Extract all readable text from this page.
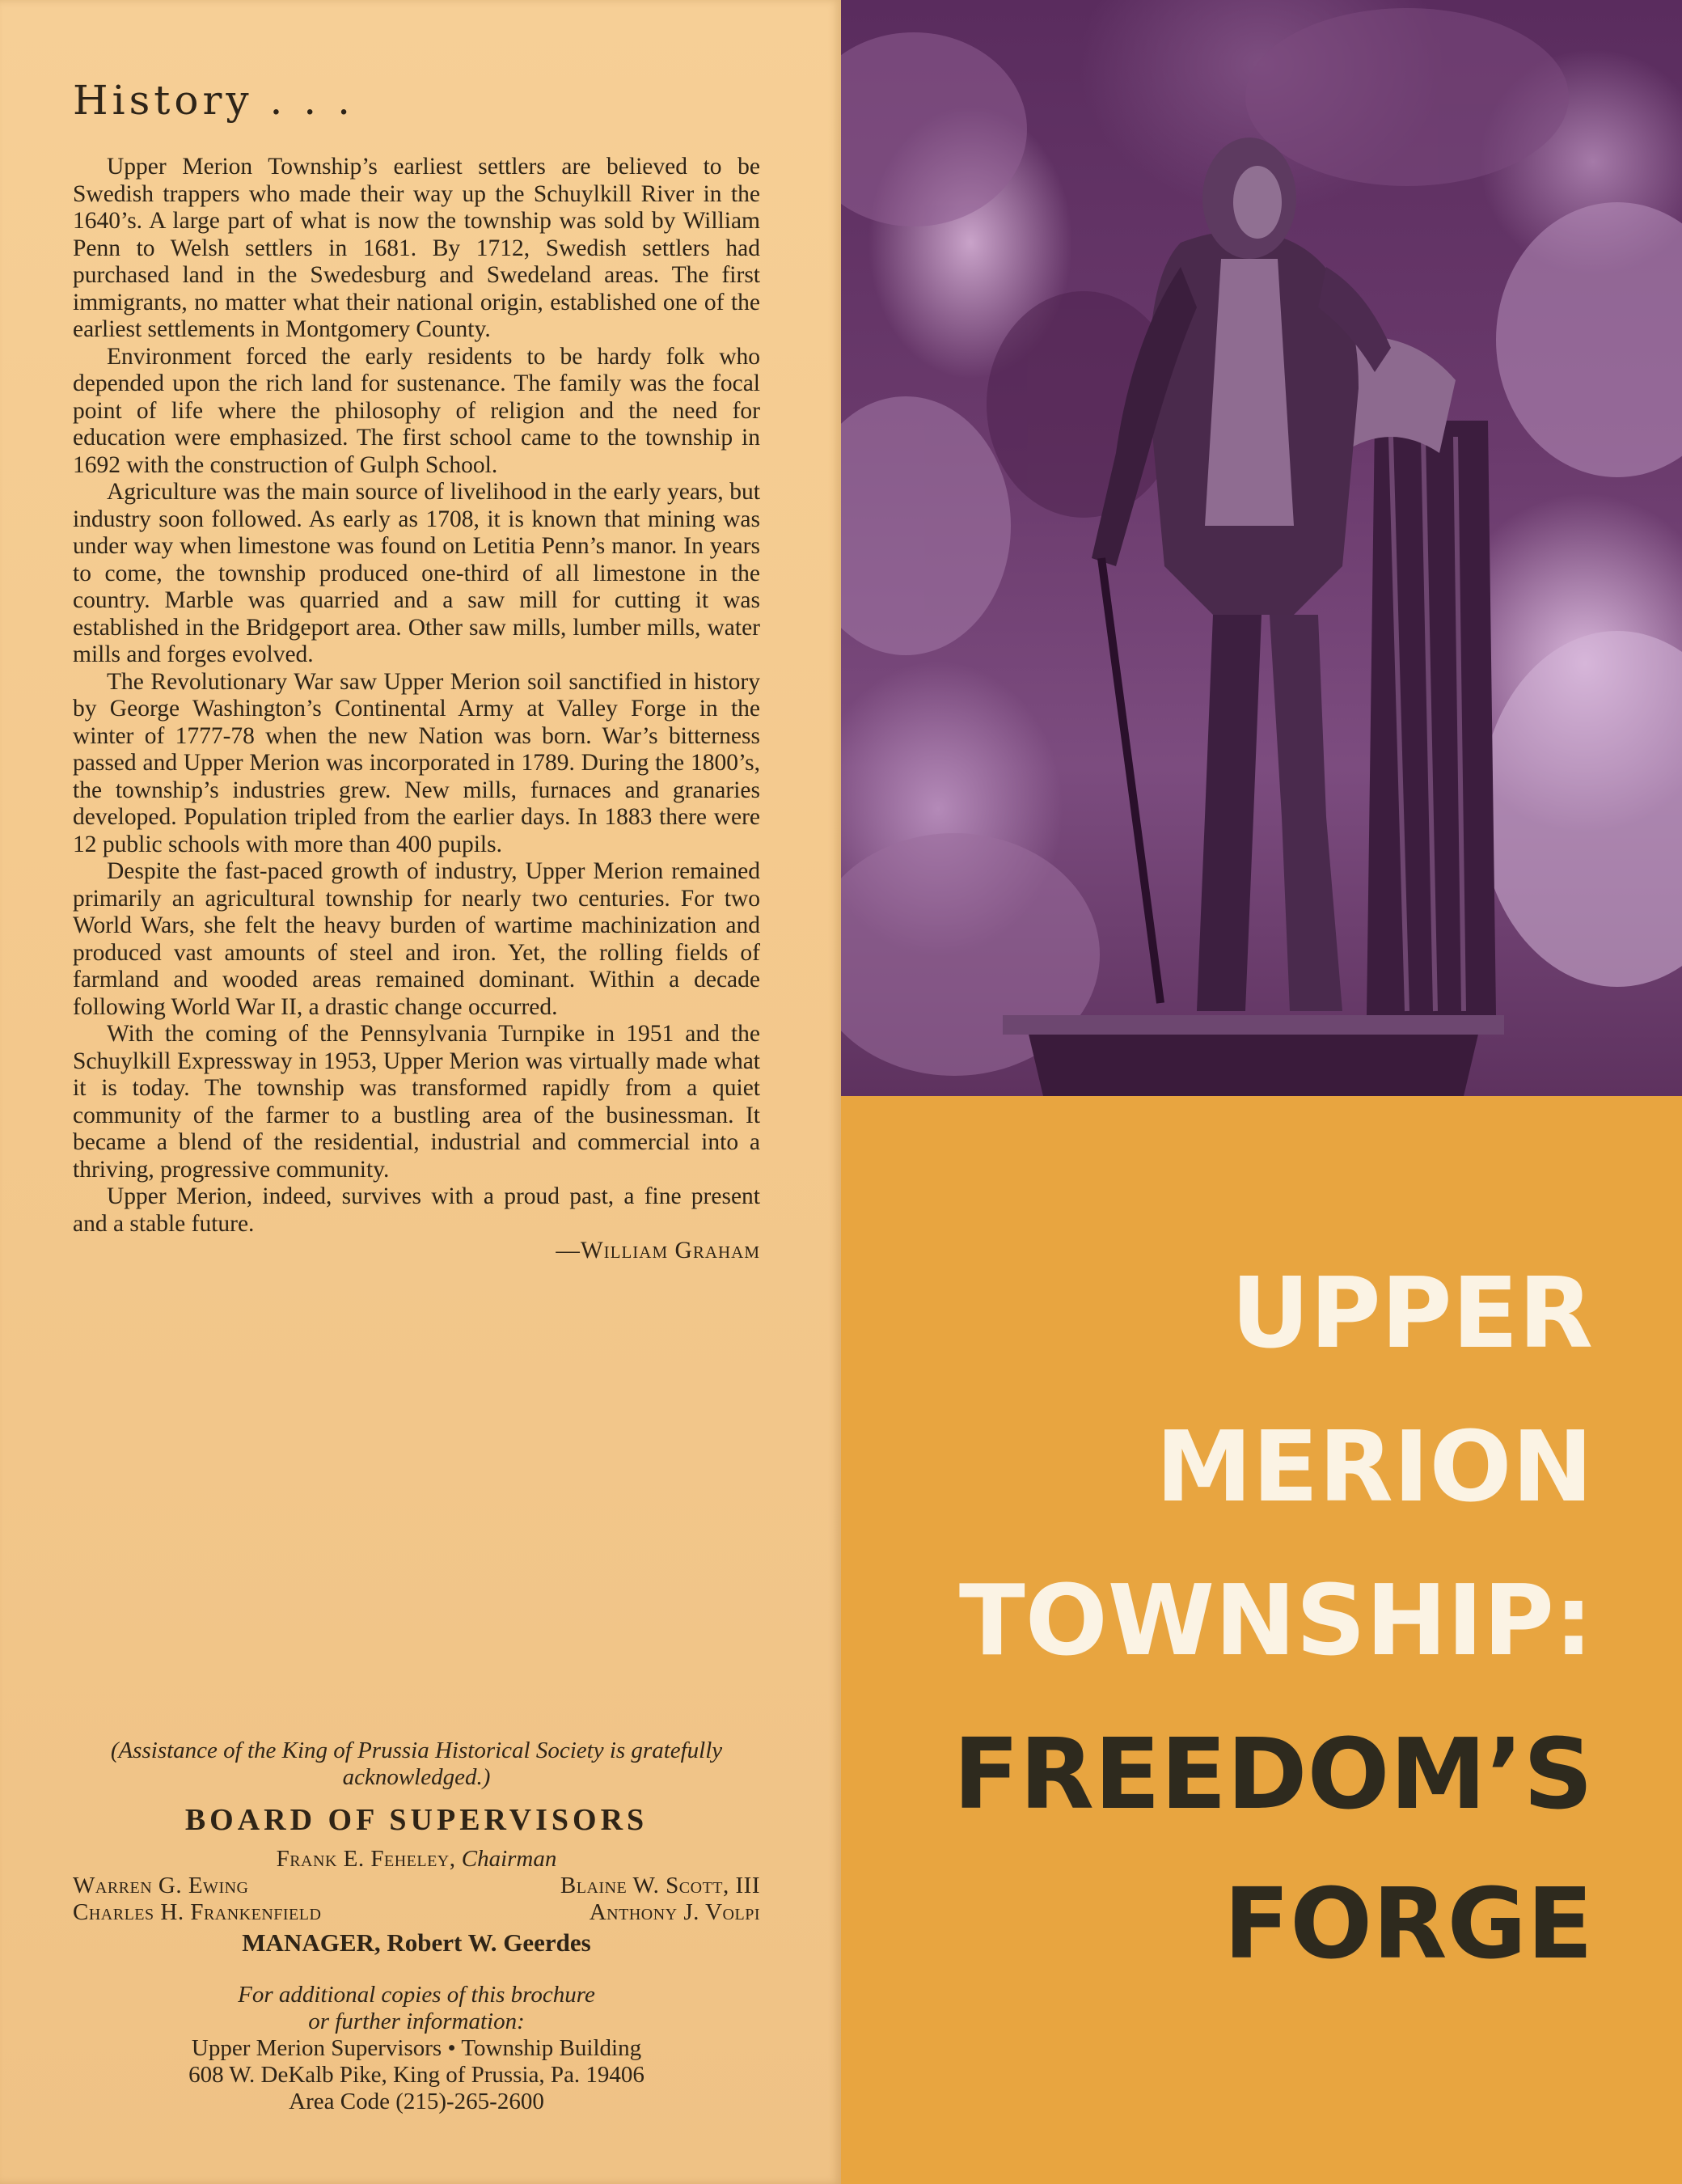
History . . .

Upper Merion Township’s earliest settlers are believed to be Swedish trappers who made their way up the Schuylkill River in the 1640’s. A large part of what is now the township was sold by William Penn to Welsh settlers in 1681. By 1712, Swedish settlers had purchased land in the Swedesburg and Swedeland areas. The first immigrants, no matter what their national origin, established one of the earliest settlements in Montgomery County.

Environment forced the early residents to be hardy folk who depended upon the rich land for sustenance. The family was the focal point of life where the philosophy of religion and the need for education were emphasized. The first school came to the township in 1692 with the construction of Gulph School.

Agriculture was the main source of livelihood in the early years, but industry soon followed. As early as 1708, it is known that mining was under way when limestone was found on Letitia Penn’s manor. In years to come, the township produced one-third of all limestone in the country. Marble was quarried and a saw mill for cutting it was established in the Bridgeport area. Other saw mills, lumber mills, water mills and forges evolved.

The Revolutionary War saw Upper Merion soil sanctified in history by George Washington’s Continental Army at Valley Forge in the winter of 1777-78 when the new Nation was born. War’s bitterness passed and Upper Merion was incorporated in 1789. During the 1800’s, the township’s industries grew. New mills, furnaces and granaries developed. Population tripled from the earlier days. In 1883 there were 12 public schools with more than 400 pupils.

Despite the fast-paced growth of industry, Upper Merion remained primarily an agricultural township for nearly two centuries. For two World Wars, she felt the heavy burden of wartime machinization and produced vast amounts of steel and iron. Yet, the rolling fields of farmland and wooded areas remained dominant. Within a decade following World War II, a drastic change occurred.

With the coming of the Pennsylvania Turnpike in 1951 and the Schuylkill Expressway in 1953, Upper Merion was virtually made what it is today. The township was transformed rapidly from a quiet community of the farmer to a bustling area of the businessman. It became a blend of the residential, industrial and commercial into a thriving, progressive community.

Upper Merion, indeed, survives with a proud past, a fine present and a stable future.

—William Graham

(Assistance of the King of Prussia Historical Society is gratefully acknowledged.)
BOARD OF SUPERVISORS
Frank E. Feheley,
Chairman
Warren G. Ewing	Blaine W. Scott, III
Charles H. Frankenfield	Anthony J. Volpi
MANAGER, Robert W. Geerdes
For additional copies of this brochure
or further information:
Upper Merion Supervisors • Township Building
608 W. DeKalb Pike, King of Prussia, Pa. 19406
Area Code (215)-265-2600
UPPER
MERION
TOWNSHIP:
FREEDOM’S
FORGE
